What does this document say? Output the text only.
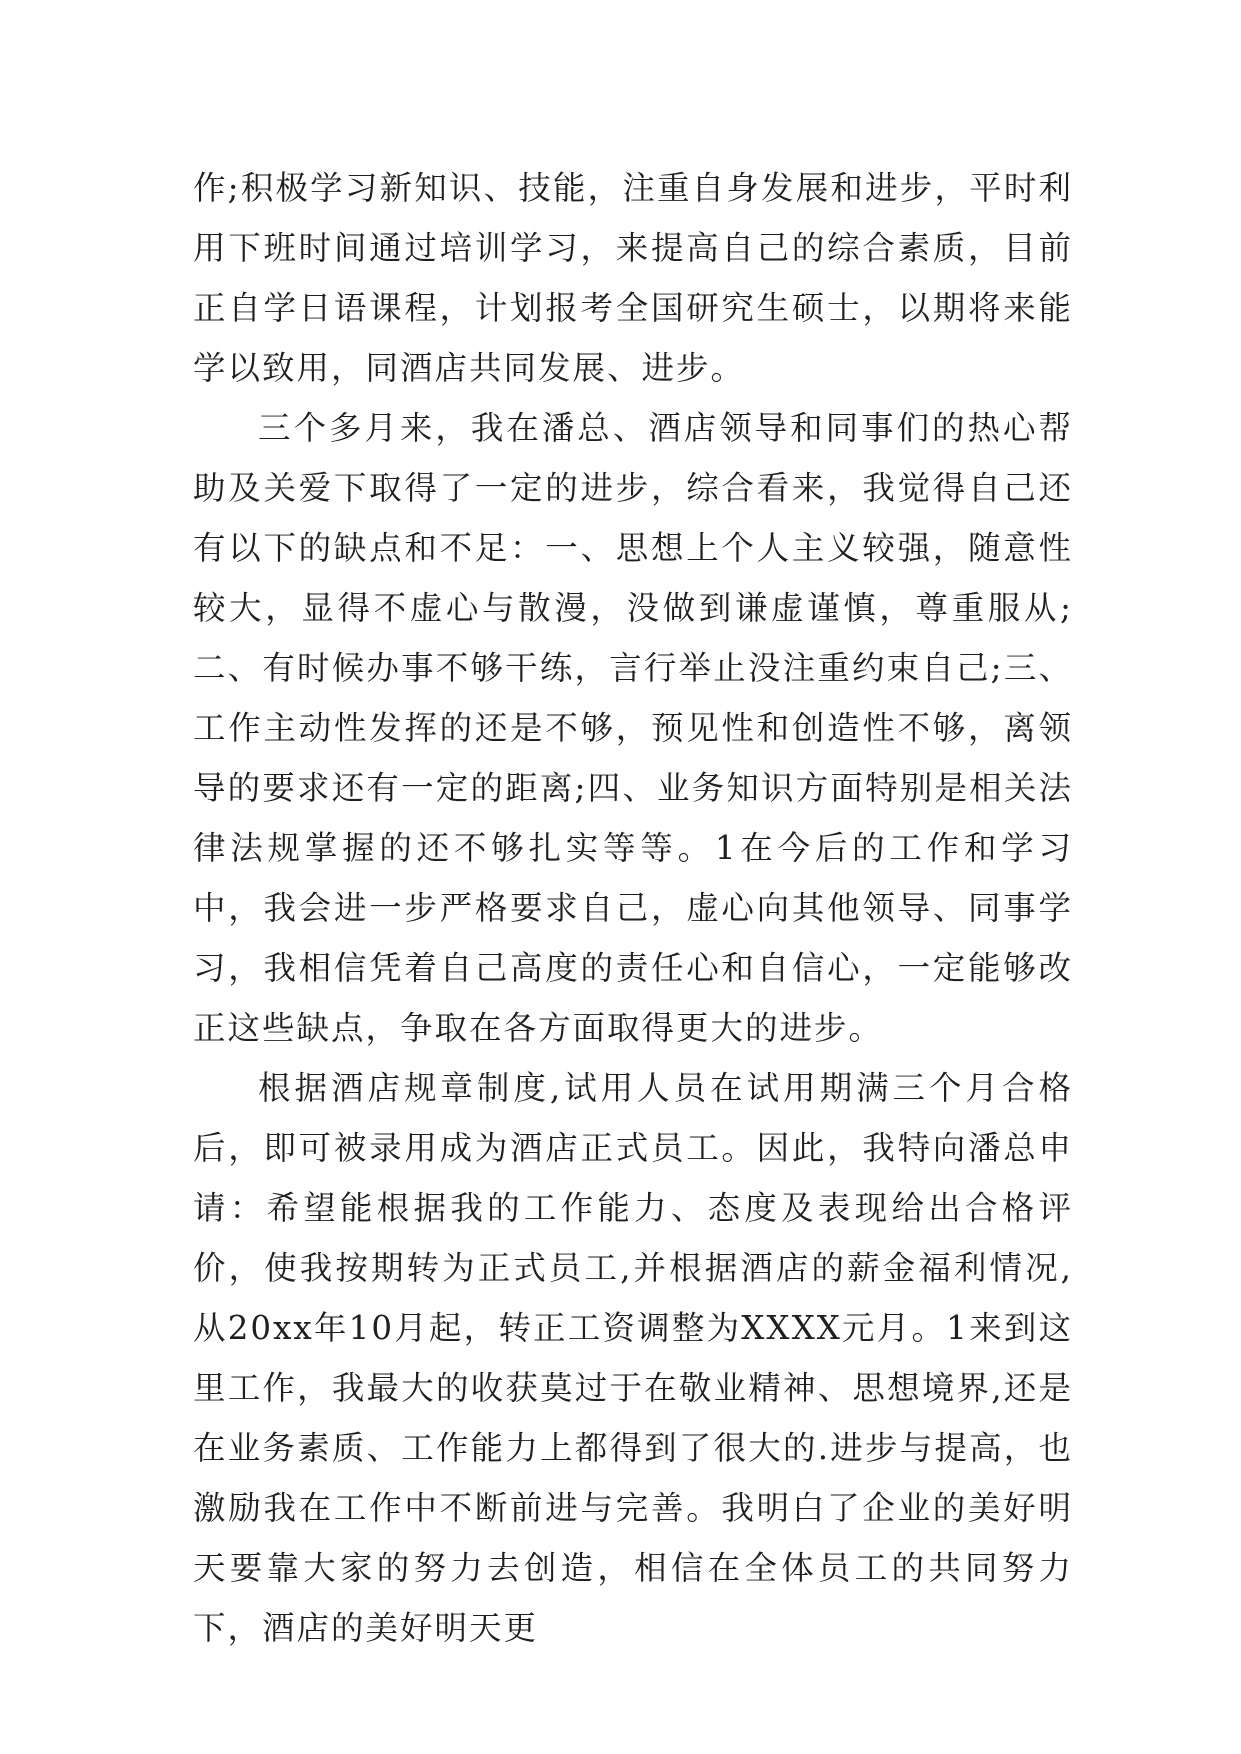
作;积极学习新知识、技能，注重自身发展和进步，平时利用下班时间通过培训学习，来提高自己的综合素质，目前正自学日语课程，计划报考全国研究生硕士，以期将来能学以致用，同酒店共同发展、进步。

三个多月来，我在潘总、酒店领导和同事们的热心帮助及关爱下取得了一定的进步，综合看来，我觉得自己还有以下的缺点和不足：一、思想上个人主义较强，随意性较大，显得不虚心与散漫，没做到谦虚谨慎，尊重服从;二、有时候办事不够干练，言行举止没注重约束自己;三、工作主动性发挥的还是不够，预见性和创造性不够，离领导的要求还有一定的距离;四、业务知识方面特别是相关法律法规掌握的还不够扎实等等。1在今后的工作和学习中，我会进一步严格要求自己，虚心向其他领导、同事学习，我相信凭着自己高度的责任心和自信心，一定能够改正这些缺点，争取在各方面取得更大的进步。

根据酒店规章制度,试用人员在试用期满三个月合格后，即可被录用成为酒店正式员工。因此，我特向潘总申请：希望能根据我的工作能力、态度及表现给出合格评价，使我按期转为正式员工,并根据酒店的薪金福利情况,从20xx年10月起，转正工资调整为XXXX元月。1来到这里工作，我最大的收获莫过于在敬业精神、思想境界,还是在业务素质、工作能力上都得到了很大的.进步与提高，也激励我在工作中不断前进与完善。我明白了企业的美好明天要靠大家的努力去创造，相信在全体员工的共同努力下，酒店的美好明天更
